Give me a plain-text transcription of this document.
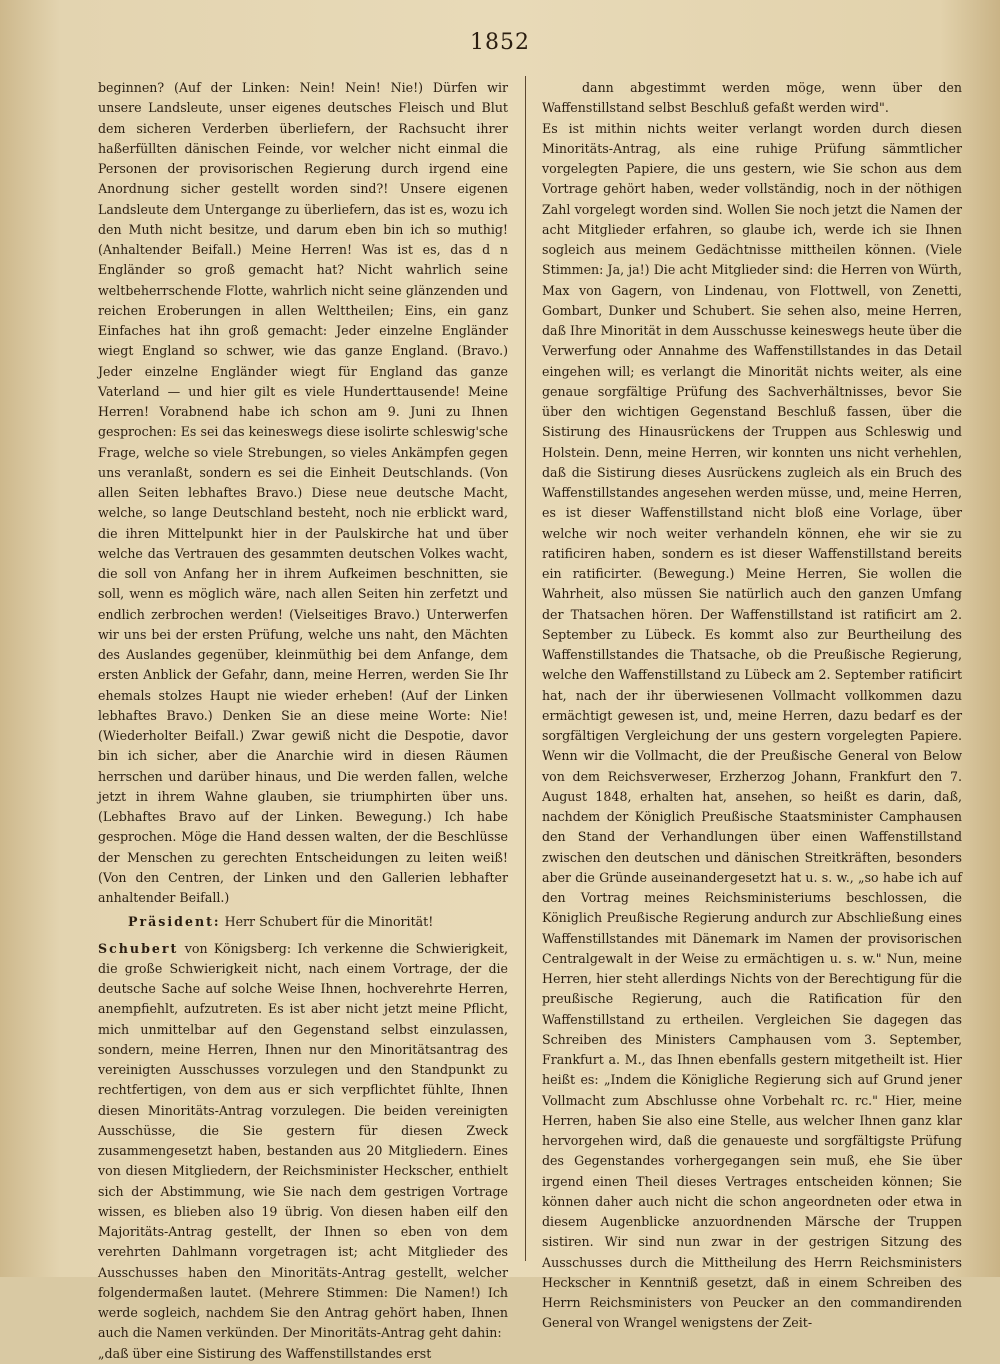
1852

beginnen? (Auf der Linken: Nein! Nein! Nie!) Dürfen wir unsere Landsleute, unser eigenes deutsches Fleisch und Blut dem sicheren Verderben überliefern, der Rachsucht ihrer haßerfüllten dänischen Feinde, vor welcher nicht einmal die Personen der provisorischen Regierung durch irgend eine Anordnung sicher gestellt worden sind?! Unsere eigenen Landsleute dem Untergange zu überliefern, das ist es, wozu ich den Muth nicht besitze, und darum eben bin ich so muthig! (Anhaltender Beifall.) Meine Herren! Was ist es, das d n Engländer so groß gemacht hat? Nicht wahrlich seine weltbeherrschende Flotte, wahrlich nicht seine glänzenden und reichen Eroberungen in allen Welttheilen; Eins, ein ganz Einfaches hat ihn groß gemacht: Jeder einzelne Engländer wiegt England so schwer, wie das ganze England. (Bravo.) Jeder einzelne Engländer wiegt für England das ganze Vaterland — und hier gilt es viele Hunderttausende! Meine Herren! Vorabnend habe ich schon am 9. Juni zu Ihnen gesprochen: Es sei das keineswegs diese isolirte schleswig'sche Frage, welche so viele Strebungen, so vieles Ankämpfen gegen uns veranlaßt, sondern es sei die Einheit Deutschlands. (Von allen Seiten lebhaftes Bravo.) Diese neue deutsche Macht, welche, so lange Deutschland besteht, noch nie erblickt ward, die ihren Mittelpunkt hier in der Paulskirche hat und über welche das Vertrauen des gesammten deutschen Volkes wacht, die soll von Anfang her in ihrem Aufkeimen beschnitten, sie soll, wenn es möglich wäre, nach allen Seiten hin zerfetzt und endlich zerbrochen werden! (Vielseitiges Bravo.) Unterwerfen wir uns bei der ersten Prüfung, welche uns naht, den Mächten des Auslandes gegenüber, kleinmüthig bei dem Anfange, dem ersten Anblick der Gefahr, dann, meine Herren, werden Sie Ihr ehemals stolzes Haupt nie wieder erheben! (Auf der Linken lebhaftes Bravo.) Denken Sie an diese meine Worte: Nie! (Wiederholter Beifall.) Zwar gewiß nicht die Despotie, davor bin ich sicher, aber die Anarchie wird in diesen Räumen herrschen und darüber hinaus, und Die werden fallen, welche jetzt in ihrem Wahne glauben, sie triumphirten über uns. (Lebhaftes Bravo auf der Linken. Bewegung.) Ich habe gesprochen. Möge die Hand dessen walten, der die Beschlüsse der Menschen zu gerechten Entscheidungen zu leiten weiß! (Von den Centren, der Linken und den Gallerien lebhafter anhaltender Beifall.)

Präsident: Herr Schubert für die Minorität!

Schubert von Königsberg: Ich verkenne die Schwierigkeit, die große Schwierigkeit nicht, nach einem Vortrage, der die deutsche Sache auf solche Weise Ihnen, hochverehrte Herren, anempfiehlt, aufzutreten. Es ist aber nicht jetzt meine Pflicht, mich unmittelbar auf den Gegenstand selbst einzulassen, sondern, meine Herren, Ihnen nur den Minoritätsantrag des vereinigten Ausschusses vorzulegen und den Standpunkt zu rechtfertigen, von dem aus er sich verpflichtet fühlte, Ihnen diesen Minoritäts-Antrag vorzulegen. Die beiden vereinigten Ausschüsse, die Sie gestern für diesen Zweck zusammengesetzt haben, bestanden aus 20 Mitgliedern. Eines von diesen Mitgliedern, der Reichsminister Heckscher, enthielt sich der Abstimmung, wie Sie nach dem gestrigen Vortrage wissen, es blieben also 19 übrig. Von diesen haben eilf den Majoritäts-Antrag gestellt, der Ihnen so eben von dem verehrten Dahlmann vorgetragen ist; acht Mitglieder des Ausschusses haben den Minoritäts-Antrag gestellt, welcher folgendermaßen lautet. (Mehrere Stimmen: Die Namen!) Ich werde sogleich, nachdem Sie den Antrag gehört haben, Ihnen auch die Namen verkünden. Der Minoritäts-Antrag geht dahin:

„daß über eine Sistirung des Waffenstillstandes erst

dann abgestimmt werden möge, wenn über den Waffenstillstand selbst Beschluß gefaßt werden wird".

Es ist mithin nichts weiter verlangt worden durch diesen Minoritäts-Antrag, als eine ruhige Prüfung sämmtlicher vorgelegten Papiere, die uns gestern, wie Sie schon aus dem Vortrage gehört haben, weder vollständig, noch in der nöthigen Zahl vorgelegt worden sind. Wollen Sie noch jetzt die Namen der acht Mitglieder erfahren, so glaube ich, werde ich sie Ihnen sogleich aus meinem Gedächtnisse mittheilen können. (Viele Stimmen: Ja, ja!) Die acht Mitglieder sind: die Herren von Würth, Max von Gagern, von Lindenau, von Flottwell, von Zenetti, Gombart, Dunker und Schubert. Sie sehen also, meine Herren, daß Ihre Minorität in dem Ausschusse keineswegs heute über die Verwerfung oder Annahme des Waffenstillstandes in das Detail eingehen will; es verlangt die Minorität nichts weiter, als eine genaue sorgfältige Prüfung des Sachverhältnisses, bevor Sie über den wichtigen Gegenstand Beschluß fassen, über die Sistirung des Hinausrückens der Truppen aus Schleswig und Holstein. Denn, meine Herren, wir konnten uns nicht verhehlen, daß die Sistirung dieses Ausrückens zugleich als ein Bruch des Waffenstillstandes angesehen werden müsse, und, meine Herren, es ist dieser Waffenstillstand nicht bloß eine Vorlage, über welche wir noch weiter verhandeln können, ehe wir sie zu ratificiren haben, sondern es ist dieser Waffenstillstand bereits ein ratificirter. (Bewegung.) Meine Herren, Sie wollen die Wahrheit, also müssen Sie natürlich auch den ganzen Umfang der Thatsachen hören. Der Waffenstillstand ist ratificirt am 2. September zu Lübeck. Es kommt also zur Beurtheilung des Waffenstillstandes die Thatsache, ob die Preußische Regierung, welche den Waffenstillstand zu Lübeck am 2. September ratificirt hat, nach der ihr überwiesenen Vollmacht vollkommen dazu ermächtigt gewesen ist, und, meine Herren, dazu bedarf es der sorgfältigen Vergleichung der uns gestern vorgelegten Papiere. Wenn wir die Vollmacht, die der Preußische General von Below von dem Reichsverweser, Erzherzog Johann, Frankfurt den 7. August 1848, erhalten hat, ansehen, so heißt es darin, daß, nachdem der Königlich Preußische Staatsminister Camphausen den Stand der Verhandlungen über einen Waffenstillstand zwischen den deutschen und dänischen Streitkräften, besonders aber die Gründe auseinandergesetzt hat u. s. w., „so habe ich auf den Vortrag meines Reichsministeriums beschlossen, die Königlich Preußische Regierung andurch zur Abschließung eines Waffenstillstandes mit Dänemark im Namen der provisorischen Centralgewalt in der Weise zu ermächtigen u. s. w." Nun, meine Herren, hier steht allerdings Nichts von der Berechtigung für die preußische Regierung, auch die Ratification für den Waffenstillstand zu ertheilen. Vergleichen Sie dagegen das Schreiben des Ministers Camphausen vom 3. September, Frankfurt a. M., das Ihnen ebenfalls gestern mitgetheilt ist. Hier heißt es: „Indem die Königliche Regierung sich auf Grund jener Vollmacht zum Abschlusse ohne Vorbehalt rc. rc." Hier, meine Herren, haben Sie also eine Stelle, aus welcher Ihnen ganz klar hervorgehen wird, daß die genaueste und sorgfältigste Prüfung des Gegenstandes vorhergegangen sein muß, ehe Sie über irgend einen Theil dieses Vertrages entscheiden können; Sie können daher auch nicht die schon angeordneten oder etwa in diesem Augenblicke anzuordnenden Märsche der Truppen sistiren. Wir sind nun zwar in der gestrigen Sitzung des Ausschusses durch die Mittheilung des Herrn Reichsministers Heckscher in Kenntniß gesetzt, daß in einem Schreiben des Herrn Reichsministers von Peucker an den commandirenden General von Wrangel wenigstens der Zeit-
